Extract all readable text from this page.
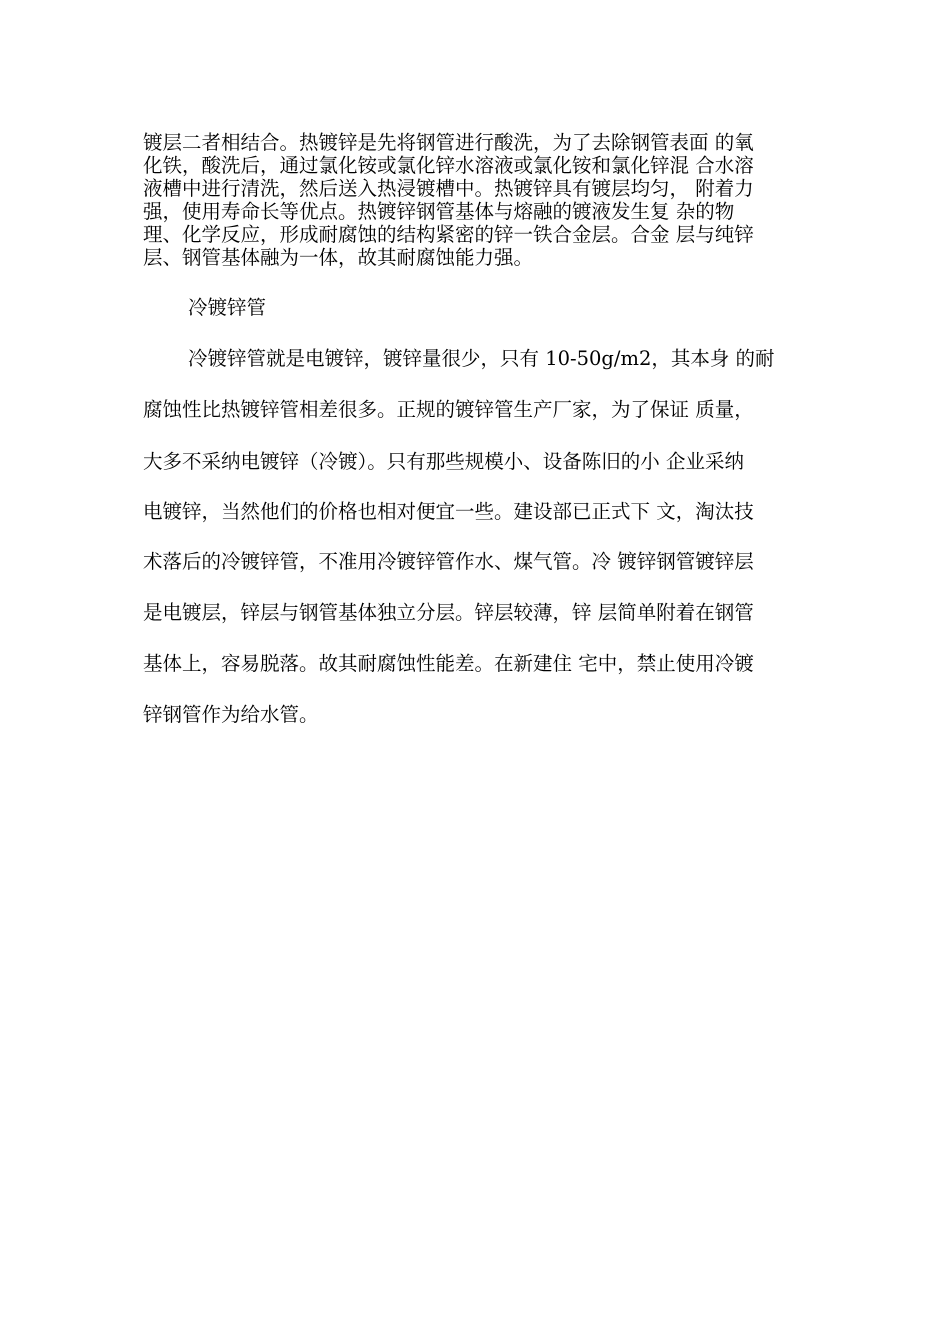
镀层二者相结合。热镀锌是先将钢管进行酸洗，为了去除钢管表面 的氧

化铁，酸洗后，通过氯化铵或氯化锌水溶液或氯化铵和氯化锌混 合水溶

液槽中进行清洗，然后送入热浸镀槽中。热镀锌具有镀层均匀， 附着力

强，使用寿命长等优点。热镀锌钢管基体与熔融的镀液发生复 杂的物

理、化学反应，形成耐腐蚀的结构紧密的锌一铁合金层。合金 层与纯锌

层、钢管基体融为一体，故其耐腐蚀能力强。

冷镀锌管

冷镀锌管就是电镀锌，镀锌量很少，只有 10-50g/m2，其本身 的耐

腐蚀性比热镀锌管相差很多。正规的镀锌管生产厂家，为了保证 质量，

大多不采纳电镀锌（冷镀）。只有那些规模小、设备陈旧的小 企业采纳

电镀锌，当然他们的价格也相对便宜一些。建设部已正式下 文，淘汰技

术落后的冷镀锌管，不准用冷镀锌管作水、煤气管。冷 镀锌钢管镀锌层

是电镀层，锌层与钢管基体独立分层。锌层较薄，锌 层简单附着在钢管

基体上，容易脱落。故其耐腐蚀性能差。在新建住 宅中，禁止使用冷镀

锌钢管作为给水管。
